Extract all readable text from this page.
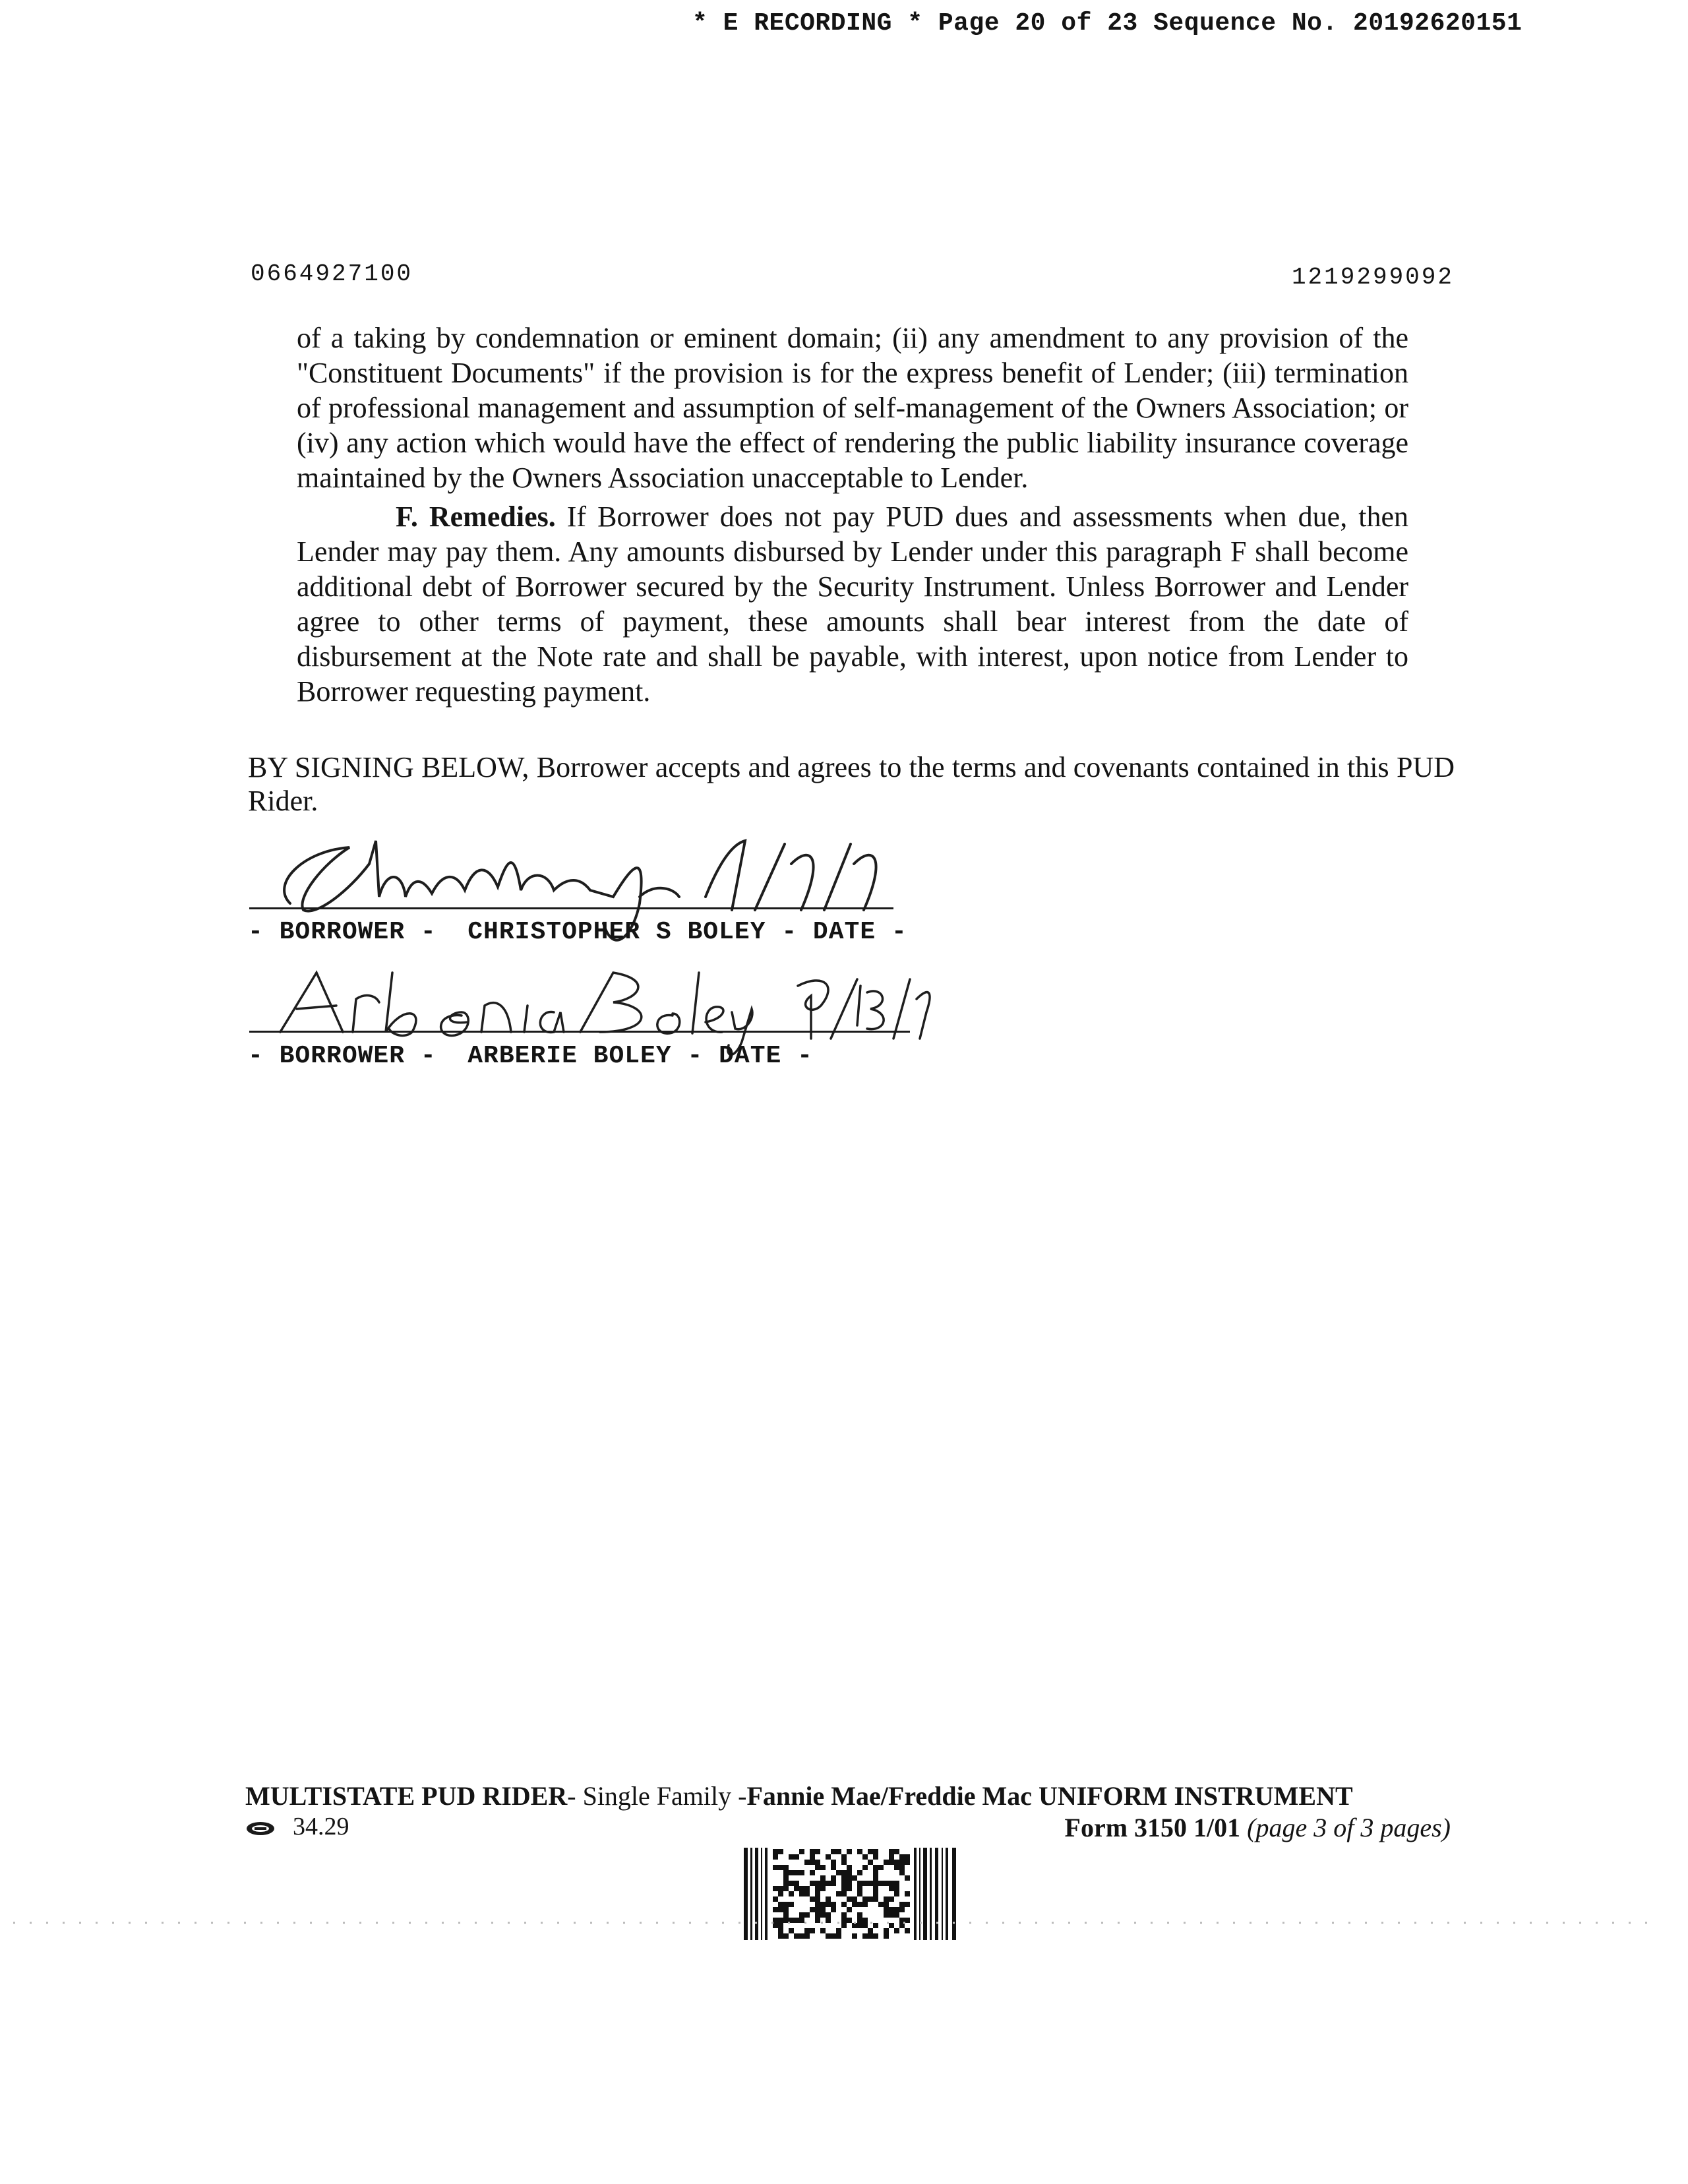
* E RECORDING * Page 20 of 23 Sequence No. 20192620151
0664927100	1219299092
of a taking by condemnation or eminent domain; (ii) any amendment to any provision of the "Constituent Documents" if the provision is for the express benefit of Lender; (iii) termination of professional management and assumption of self-management of the Owners Association; or (iv) any action which would have the effect of rendering the public liability insurance coverage maintained by the Owners Association unacceptable to Lender.
F. Remedies. If Borrower does not pay PUD dues and assessments when due, then Lender may pay them. Any amounts disbursed by Lender under this paragraph F shall become additional debt of Borrower secured by the Security Instrument. Unless Borrower and Lender agree to other terms of payment, these amounts shall bear interest from the date of disbursement at the Note rate and shall be payable, with interest, upon notice from Lender to Borrower requesting payment.
BY SIGNING BELOW, Borrower accepts and agrees to the terms and covenants contained in this PUD Rider.
- BORROWER -  CHRISTOPHER S BOLEY - DATE -
- BORROWER -  ARBERIE BOLEY - DATE -
MULTISTATE PUD RIDER- Single Family -Fannie Mae/Freddie Mac UNIFORM INSTRUMENT
34.29	Form 3150 1/01 (page 3 of 3 pages)
